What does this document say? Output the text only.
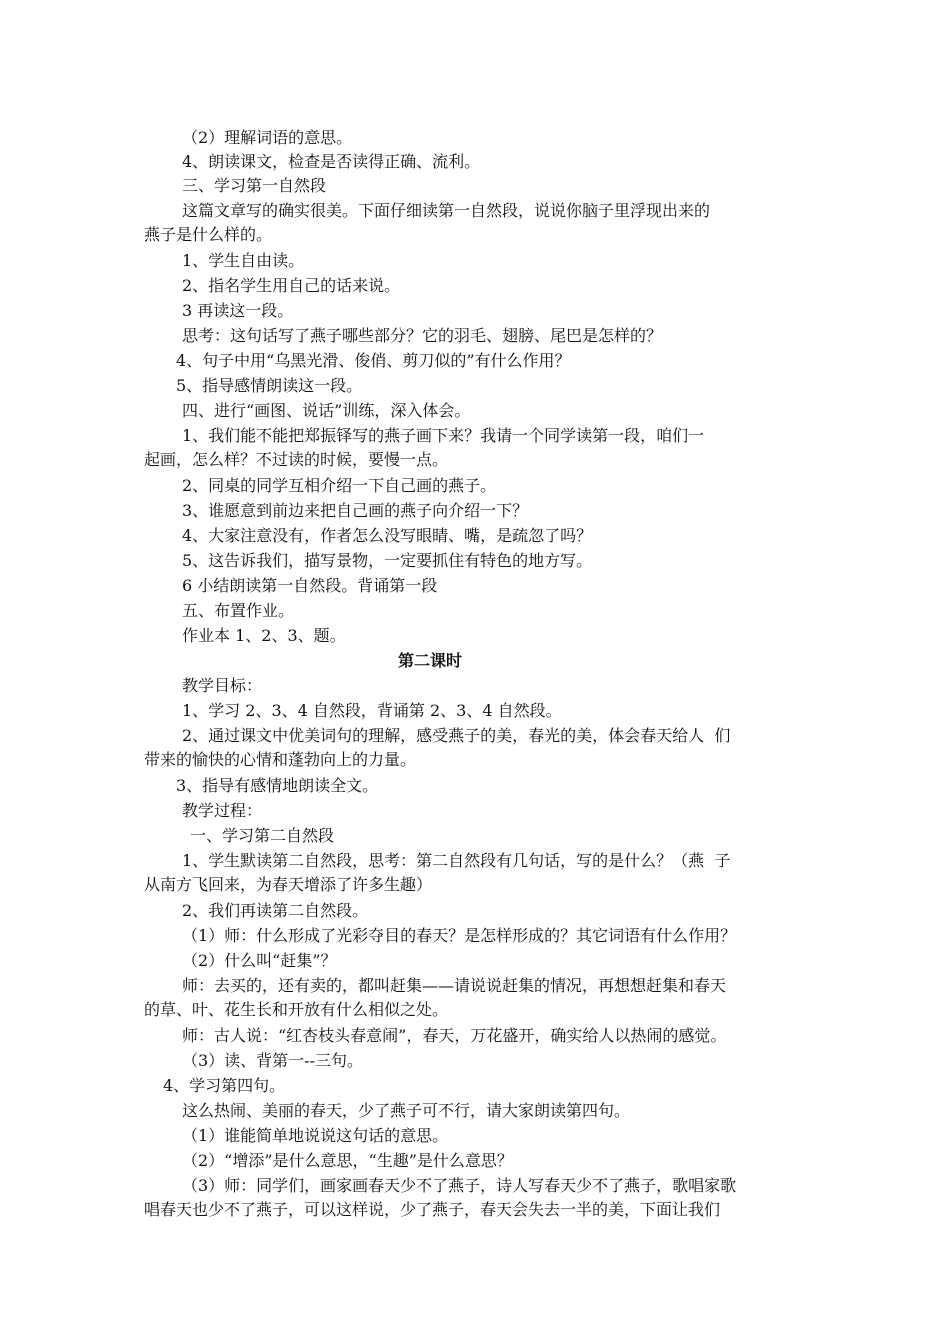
（2）理解词语的意思。
4、朗读课文，检查是否读得正确、流利。
三、学习第一自然段
这篇文章写的确实很美。下面仔细读第一自然段，说说你脑子里浮现出来的
燕子是什么样的。
1、学生自由读。
2、指名学生用自己的话来说。
3 再读这一段。
思考：这句话写了燕子哪些部分？它的羽毛、翅膀、尾巴是怎样的？
4、句子中用“乌黑光滑、俊俏、剪刀似的”有什么作用？
5、指导感情朗读这一段。
四、进行“画图、说话”训练，深入体会。
1、我们能不能把郑振铎写的燕子画下来？我请一个同学读第一段，咱们一
起画，怎么样？不过读的时候，要慢一点。
2、同桌的同学互相介绍一下自己画的燕子。
3、谁愿意到前边来把自己画的燕子向介绍一下？
4、大家注意没有，作者怎么没写眼睛、嘴，是疏忽了吗？
5、这告诉我们，描写景物，一定要抓住有特色的地方写。
6 小结朗读第一自然段。背诵第一段
五、布置作业。
作业本 1、2、3、题。
第二课时
教学目标：
1、学习 2、3、4 自然段，背诵第 2、3、4 自然段。
2、通过课文中优美词句的理解，感受燕子的美，春光的美，体会春天给人  们
带来的愉快的心情和蓬勃向上的力量。
3、指导有感情地朗读全文。
教学过程：
一、学习第二自然段
1、学生默读第二自然段，思考：第二自然段有几句话，写的是什么？（燕  子
从南方飞回来，为春天增添了许多生趣）
2、我们再读第二自然段。
（1）师：什么形成了光彩夺目的春天？是怎样形成的？其它词语有什么作用？
（2）什么叫“赶集”？
师：去买的，还有卖的，都叫赶集——请说说赶集的情况，再想想赶集和春天
的草、叶、花生长和开放有什么相似之处。
师：古人说：“红杏枝头春意闹”，春天，万花盛开，确实给人以热闹的感觉。
（3）读、背第一--三句。
4、学习第四句。
这么热闹、美丽的春天，少了燕子可不行，请大家朗读第四句。
（1）谁能简单地说说这句话的意思。
（2）“增添”是什么意思，“生趣”是什么意思？
（3）师：同学们，画家画春天少不了燕子，诗人写春天少不了燕子，歌唱家歌
唱春天也少不了燕子，可以这样说，少了燕子，春天会失去一半的美，下面让我们
